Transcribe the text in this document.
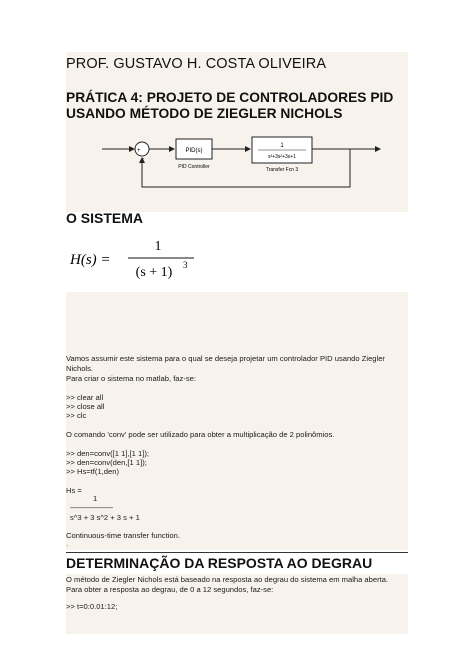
PROF. GUSTAVO H. COSTA OLIVEIRA
PRÁTICA 4: PROJETO DE CONTROLADORES PID
USANDO MÉTODO DE ZIEGLER NICHOLS
+
-
PID(s)
PID Controller
1
s³+3s²+3s+1
Transfer Fcn 3
O SISTEMA
H(s) =
1
(s + 1) 3
Vamos assumir este sistema para o qual se deseja projetar um controlador PID usando Ziegler
Nichols.
Para criar o sistema no matlab, faz-se:
>> clear all
>> close all
>> clc
O comando 'conv' pode ser utilizado para obter a multiplicação de 2 polinômios.
>> den=conv([1 1],[1 1]);
>> den=conv(den,[1 1]);
>> Hs=tf(1,den)
Hs =
1
---------------------
s^3 + 3 s^2 + 3 s + 1
Continuous-time transfer function.
.
DETERMINAÇÃO DA RESPOSTA AO DEGRAU
O método de Ziegler Nichols está baseado na resposta ao degrau do sistema em malha aberta.
Para obter a resposta ao degrau, de 0 a 12 segundos, faz-se:
>> t=0:0.01:12;
